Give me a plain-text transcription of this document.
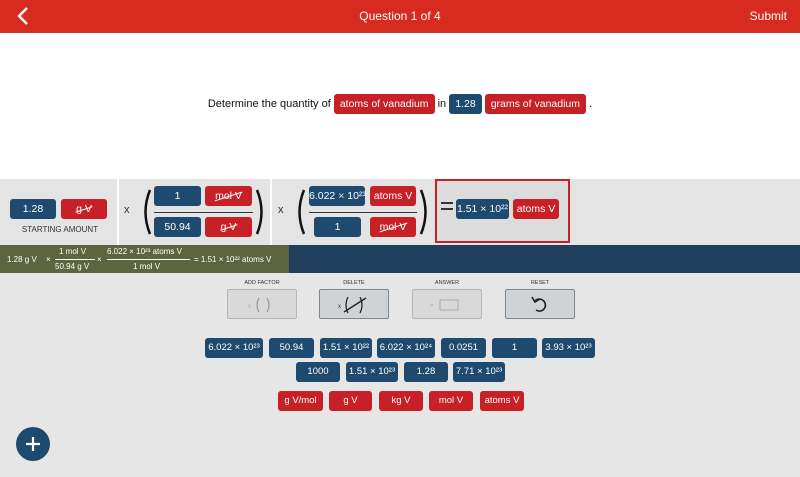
Question 1 of 4	Submit
Determine the quantity of atoms of vanadium in 1.28 grams of vanadium .
1.28	g V
STARTING AMOUNT
x
1	mol V
50.94	g V
x
6.022 × 10²³ atoms V
1	mol V
1.51 × 10²² atoms V
1.28 g V ×
1 mol V
50.94 g V
×
6.022 × 10²³ atoms V
1 mol V
= 1.51 × 10²² atoms V
ADD FACTOR
x
DELETE
x
ANSWER
=
RESET
6.022 × 10²³	50.94	1.51 × 10²²	6.022 × 10²⁴	0.0251	1	3.93 × 10²³
1000	1.51 × 10²³	1.28	7.71 × 10²³
g V/mol	g V	kg V	mol V	atoms V
